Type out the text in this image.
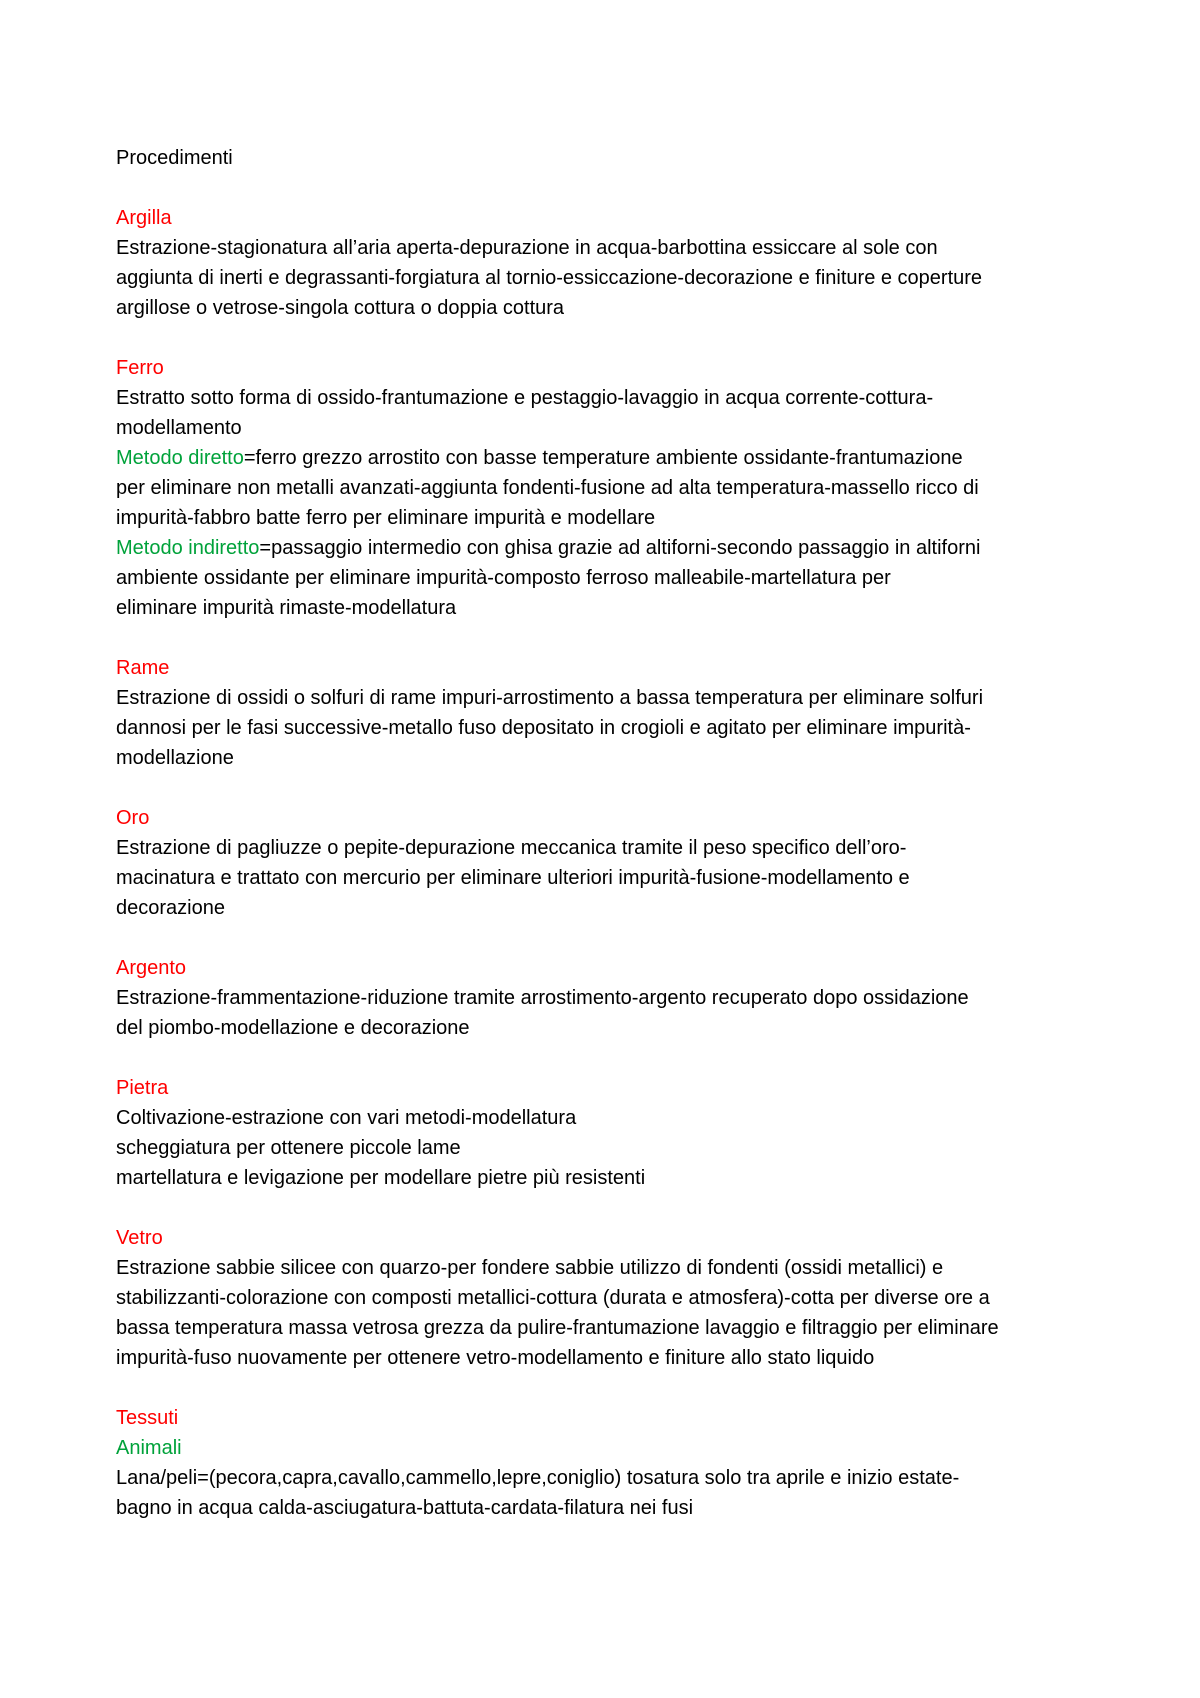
Procedimenti
Argilla
Estrazione-stagionatura all’aria aperta-depurazione in acqua-barbottina essiccare al sole con
aggiunta di inerti e degrassanti-forgiatura al tornio-essiccazione-decorazione e finiture e coperture
argillose o vetrose-singola cottura o doppia cottura
Ferro
Estratto sotto forma di ossido-frantumazione e pestaggio-lavaggio in acqua corrente-cottura-
modellamento
Metodo diretto=ferro grezzo arrostito con basse temperature ambiente ossidante-frantumazione
per eliminare non metalli avanzati-aggiunta fondenti-fusione ad alta temperatura-massello ricco di
impurità-fabbro batte ferro per eliminare impurità e modellare
Metodo indiretto=passaggio intermedio con ghisa grazie ad altiforni-secondo passaggio in altiforni
ambiente ossidante per eliminare impurità-composto ferroso malleabile-martellatura per
eliminare impurità rimaste-modellatura
Rame
Estrazione di ossidi o solfuri di rame impuri-arrostimento a bassa temperatura per eliminare solfuri
dannosi per le fasi successive-metallo fuso depositato in crogioli e agitato per eliminare impurità-
modellazione
Oro
Estrazione di pagliuzze o pepite-depurazione meccanica tramite il peso specifico dell’oro-
macinatura e trattato con mercurio per eliminare ulteriori impurità-fusione-modellamento e
decorazione
Argento
Estrazione-frammentazione-riduzione tramite arrostimento-argento recuperato dopo ossidazione
del piombo-modellazione e decorazione
Pietra
Coltivazione-estrazione con vari metodi-modellatura
scheggiatura per ottenere piccole lame
martellatura e levigazione per modellare pietre più resistenti
Vetro
Estrazione sabbie silicee con quarzo-per fondere sabbie utilizzo di fondenti (ossidi metallici) e
stabilizzanti-colorazione con composti metallici-cottura (durata e atmosfera)-cotta per diverse ore a
bassa temperatura massa vetrosa grezza da pulire-frantumazione lavaggio e filtraggio per eliminare
impurità-fuso nuovamente per ottenere vetro-modellamento e finiture allo stato liquido
Tessuti
Animali
Lana/peli=(pecora,capra,cavallo,cammello,lepre,coniglio) tosatura solo tra aprile e inizio estate-
bagno in acqua calda-asciugatura-battuta-cardata-filatura nei fusi
